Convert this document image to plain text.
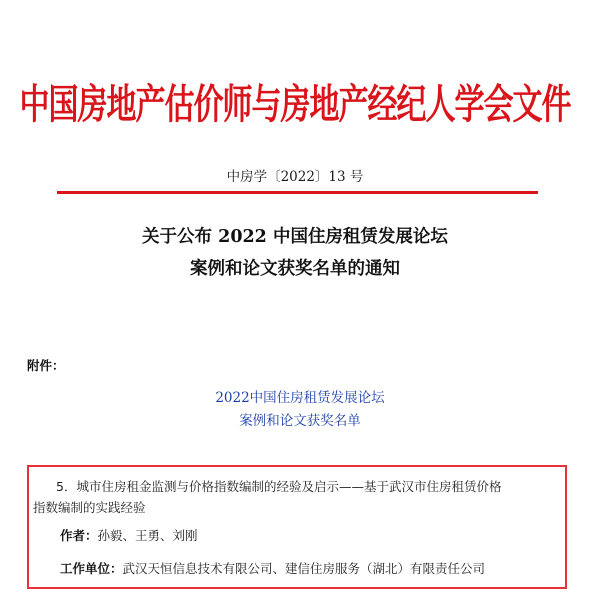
中国房地产估价师与房地产经纪人学会文件
中房学〔2022〕13 号
关于公布 2022 中国住房租赁发展论坛
案例和论文获奖名单的通知
附件：
2022中国住房租赁发展论坛
案例和论文获奖名单
5．城市住房租金监测与价格指数编制的经验及启示——基于武汉市住房租赁价格
指数编制的实践经验
作者：孙毅、王勇、刘刚
工作单位：武汉天恒信息技术有限公司、建信住房服务（湖北）有限责任公司
